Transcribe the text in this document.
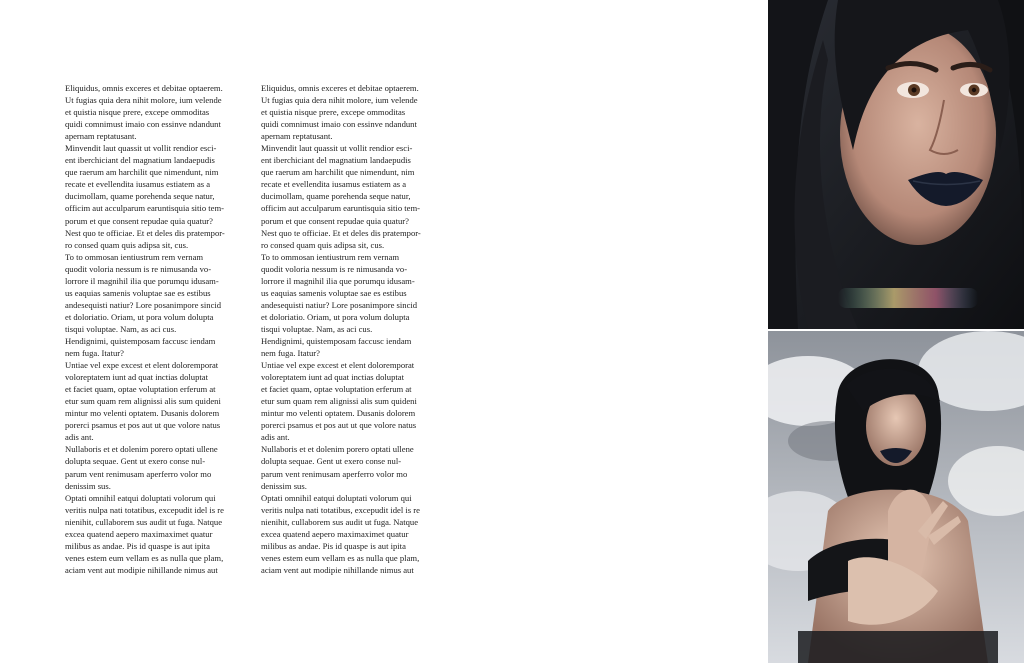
Eliquidus, omnis exceres et debitae optaerem.
Ut fugias quia dera nihit molore, ium velende
et quistia nisque prere, excepe ommoditas
quidi comnimust imaio con essinve ndandunt
apernam reptatusant.
Minvendit laut quassit ut vollit rendior esci-
ent iberchiciant del magnatium landaepudis
que raerum am harchilit que nimendunt, nim
recate et evellendita iusamus estiatem as a
ducimollam, quame porehenda seque natur,
officim aut acculparum earuntisquia sitio tem-
porum et que consent repudae quia quatur?
Nest quo te officiae. Et et deles dis pratempor-
ro consed quam quis adipsa sit, cus.
To to ommosan ientiustrum rem vernam
quodit voloria nessum is re nimusanda vo-
lorrore il magnihil ilia que porumqu idusam-
us eaquias samenis voluptae sae es estibus
andesequisti natiur? Lore posanimpore sincid
et doloriatio. Oriam, ut pora volum dolupta
tisqui voluptae. Nam, as aci cus.
Hendignimi, quistemposam faccusc iendam
nem fuga. Itatur?
Untiae vel expe excest et elent doloremporat
voloreptatem iunt ad quat inctias doluptat
et faciet quam, optae voluptation erferum at
etur sum quam rem alignissi alis sum quideni
mintur mo velenti optatem. Dusanis dolorem
porerci psamus et pos aut ut que volore natus
adis ant.
Nullaboris et et dolenim porero optati ullene
dolupta sequae. Gent ut exero conse nul-
parum vent renimusam aperferro volor mo
denissim sus.
Optati omnihil eatqui doluptati volorum qui
veritis nulpa nati totatibus, excepudit idel is re
nienihit, cullaborem sus audit ut fuga. Natque
excea quatend aepero maximaximet quatur
milibus as andae. Pis id quaspe is aut ipita
venes estem eum vellam es as nulla que plam,
aciam vent aut modipie nihillande nimus aut
Eliquidus, omnis exceres et debitae optaerem.
Ut fugias quia dera nihit molore, ium velende
et quistia nisque prere, excepe ommoditas
quidi comnimust imaio con essinve ndandunt
apernam reptatusant.
Minvendit laut quassit ut vollit rendior esci-
ent iberchiciant del magnatium landaepudis
que raerum am harchilit que nimendunt, nim
recate et evellendita iusamus estiatem as a
ducimollam, quame porehenda seque natur,
officim aut acculparum earuntisquia sitio tem-
porum et que consent repudae quia quatur?
Nest quo te officiae. Et et deles dis pratempor-
ro consed quam quis adipsa sit, cus.
To to ommosan ientiustrum rem vernam
quodit voloria nessum is re nimusanda vo-
lorrore il magnihil ilia que porumqu idusam-
us eaquias samenis voluptae sae es estibus
andesequisti natiur? Lore posanimpore sincid
et doloriatio. Oriam, ut pora volum dolupta
tisqui voluptae. Nam, as aci cus.
Hendignimi, quistemposam faccusc iendam
nem fuga. Itatur?
Untiae vel expe excest et elent doloremporat
voloreptatem iunt ad quat inctias doluptat
et faciet quam, optae voluptation erferum at
etur sum quam rem alignissi alis sum quideni
mintur mo velenti optatem. Dusanis dolorem
porerci psamus et pos aut ut que volore natus
adis ant.
Nullaboris et et dolenim porero optati ullene
dolupta sequae. Gent ut exero conse nul-
parum vent renimusam aperferro volor mo
denissim sus.
Optati omnihil eatqui doluptati volorum qui
veritis nulpa nati totatibus, excepudit idel is re
nienihit, cullaborem sus audit ut fuga. Natque
excea quatend aepero maximaximet quatur
milibus as andae. Pis id quaspe is aut ipita
venes estem eum vellam es as nulla que plam,
aciam vent aut modipie nihillande nimus aut
